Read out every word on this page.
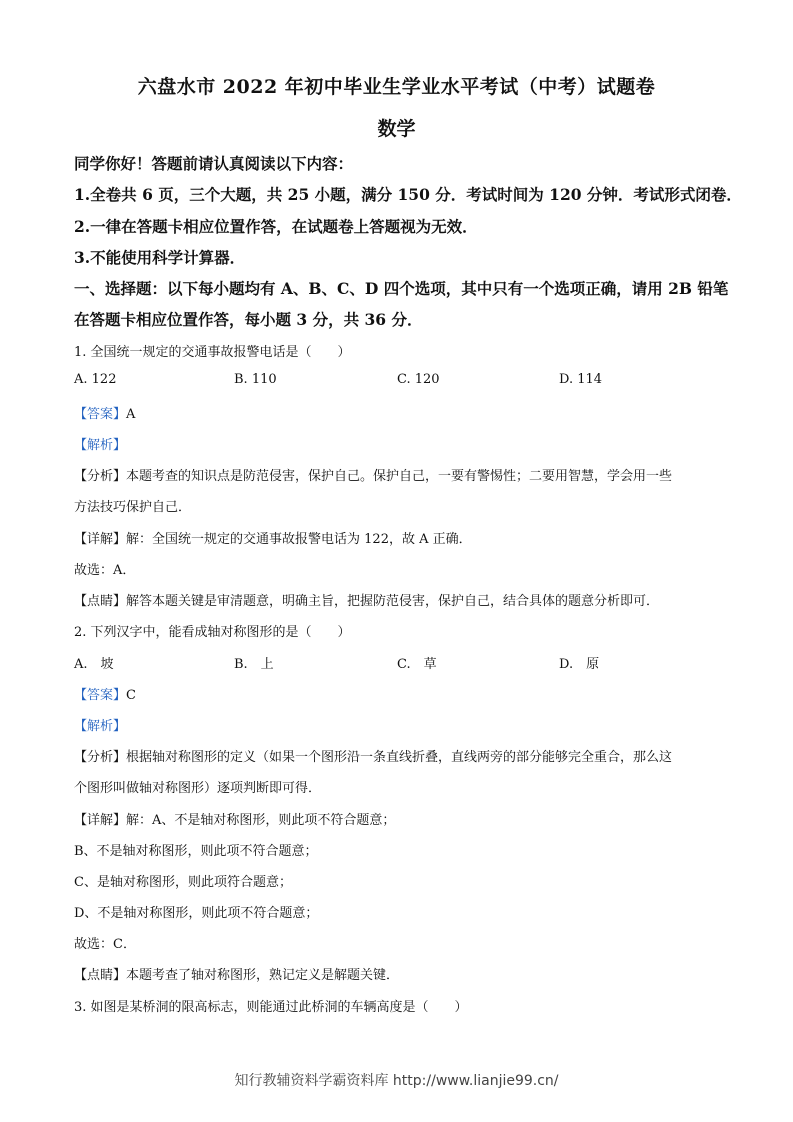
六盘水市 2022 年初中毕业生学业水平考试（中考）试题卷
数学
同学你好！答题前请认真阅读以下内容：
1.全卷共 6 页，三个大题，共 25 小题，满分 150 分．考试时间为 120 分钟．考试形式闭卷．
2.一律在答题卡相应位置作答，在试题卷上答题视为无效．
3.不能使用科学计算器．
一、选择题：以下每小题均有 A、B、C、D 四个选项，其中只有一个选项正确，请用 2B 铅笔
在答题卡相应位置作答，每小题 3 分，共 36 分．
1. 全国统一规定的交通事故报警电话是（　　）
A. 122	B. 110	C. 120	D. 114
【答案】A
【解析】
【分析】本题考查的知识点是防范侵害，保护自己。保护自己，一要有警惕性；二要用智慧，学会用一些
方法技巧保护自己．
【详解】解：全国统一规定的交通事故报警电话为 122，故 A 正确．
故选：A．
【点睛】解答本题关键是审清题意，明确主旨，把握防范侵害，保护自己，结合具体的题意分析即可．
2. 下列汉字中，能看成轴对称图形的是（　　）
A.　坡	B.　上	C.　草	D.　原
【答案】C
【解析】
【分析】根据轴对称图形的定义（如果一个图形沿一条直线折叠，直线两旁的部分能够完全重合，那么这
个图形叫做轴对称图形）逐项判断即可得．
【详解】解：A、不是轴对称图形，则此项不符合题意；
B、不是轴对称图形，则此项不符合题意；
C、是轴对称图形，则此项符合题意；
D、不是轴对称图形，则此项不符合题意；
故选：C．
【点睛】本题考查了轴对称图形，熟记定义是解题关键．
3. 如图是某桥洞的限高标志，则能通过此桥洞的车辆高度是（　　）
知行教辅资料学霸资料库 http://www.lianjie99.cn/
